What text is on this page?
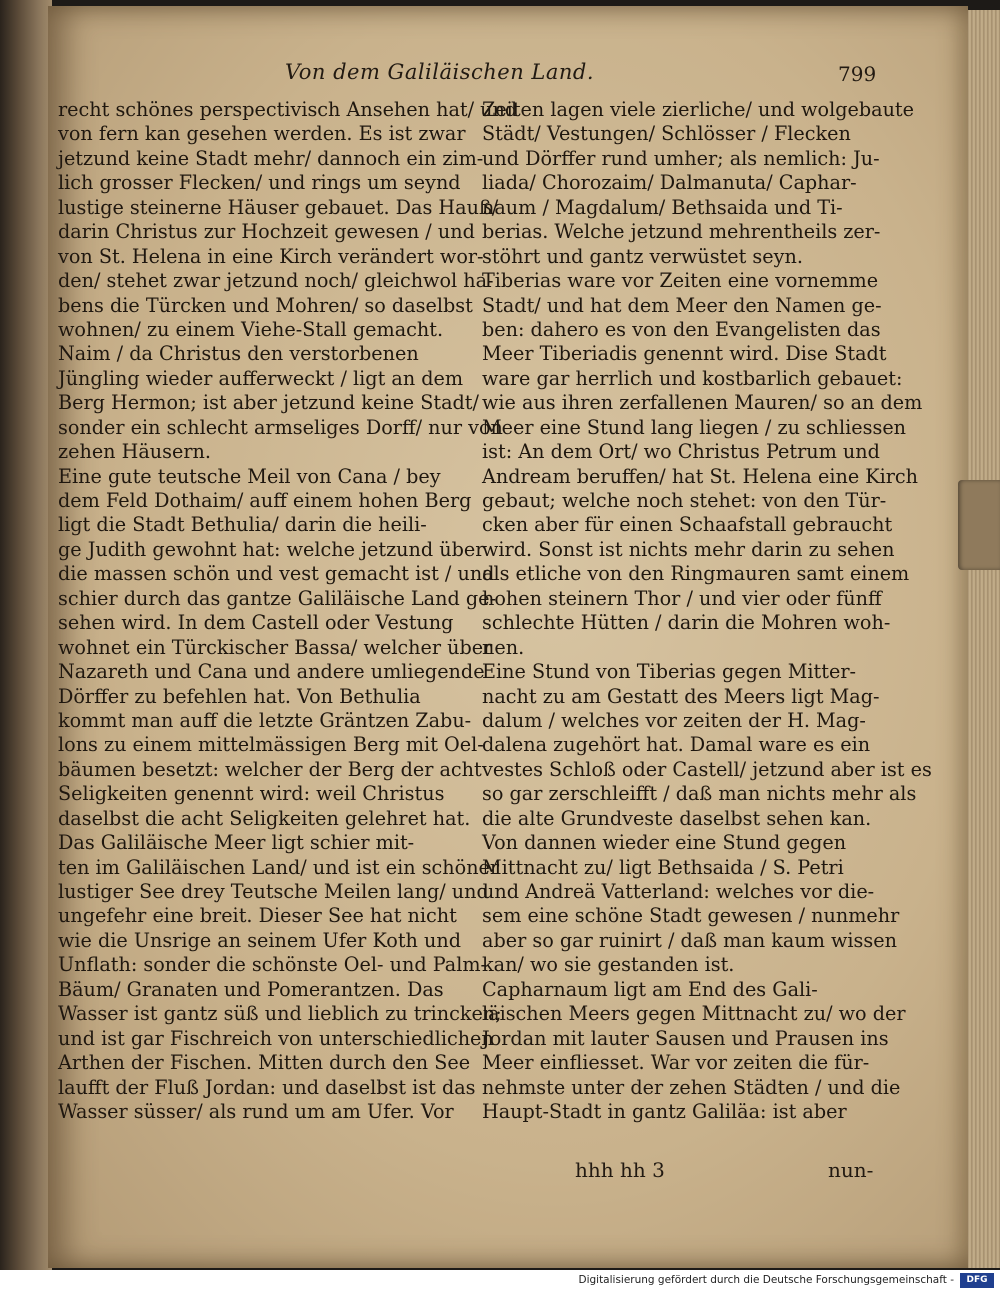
Von dem Galiläischen Land.	799
recht schönes perspectivisch Ansehen hat/ und
von fern kan gesehen werden. Es ist zwar
jetzund keine Stadt mehr/ dannoch ein zim-
lich grosser Flecken/ und rings um seynd
lustige steinerne Häuser gebauet. Das Hauß/
darin Christus zur Hochzeit gewesen / und
von St. Helena in eine Kirch verändert wor-
den/ stehet zwar jetzund noch/ gleichwol ha-
bens die Türcken und Mohren/ so daselbst
wohnen/ zu einem Viehe-Stall gemacht.
Naim / da Christus den verstorbenen
Jüngling wieder aufferweckt / ligt an dem
Berg Hermon; ist aber jetzund keine Stadt/
sonder ein schlecht armseliges Dorff/ nur von
zehen Häusern.
Eine gute teutsche Meil von Cana / bey
dem Feld Dothaim/ auff einem hohen Berg
ligt die Stadt Bethulia/ darin die heili-
ge Judith gewohnt hat: welche jetzund über
die massen schön und vest gemacht ist / und
schier durch das gantze Galiläische Land ge-
sehen wird. In dem Castell oder Vestung
wohnet ein Türckischer Bassa/ welcher über
Nazareth und Cana und andere umliegende
Dörffer zu befehlen hat. Von Bethulia
kommt man auff die letzte Gräntzen Zabu-
lons zu einem mittelmässigen Berg mit Oel-
bäumen besetzt: welcher der Berg der acht
Seligkeiten genennt wird: weil Christus
daselbst die acht Seligkeiten gelehret hat.
Das Galiläische Meer ligt schier mit-
ten im Galiläischen Land/ und ist ein schöner
lustiger See drey Teutsche Meilen lang/ und
ungefehr eine breit. Dieser See hat nicht
wie die Unsrige an seinem Ufer Koth und
Unflath: sonder die schönste Oel- und Palm-
Bäum/ Granaten und Pomerantzen. Das
Wasser ist gantz süß und lieblich zu trincken;
und ist gar Fischreich von unterschiedlichen
Arthen der Fischen. Mitten durch den See
laufft der Fluß Jordan: und daselbst ist das
Wasser süsser/ als rund um am Ufer. Vor
Zeiten lagen viele zierliche/ und wolgebaute
Städt/ Vestungen/ Schlösser / Flecken
und Dörffer rund umher; als nemlich: Ju-
liada/ Chorozaim/ Dalmanuta/ Caphar-
naum / Magdalum/ Bethsaida und Ti-
berias. Welche jetzund mehrentheils zer-
stöhrt und gantz verwüstet seyn.
Tiberias ware vor Zeiten eine vornemme
Stadt/ und hat dem Meer den Namen ge-
ben: dahero es von den Evangelisten das
Meer Tiberiadis genennt wird. Dise Stadt
ware gar herrlich und kostbarlich gebauet:
wie aus ihren zerfallenen Mauren/ so an dem
Meer eine Stund lang liegen / zu schliessen
ist: An dem Ort/ wo Christus Petrum und
Andream beruffen/ hat St. Helena eine Kirch
gebaut; welche noch stehet: von den Tür-
cken aber für einen Schaafstall gebraucht
wird. Sonst ist nichts mehr darin zu sehen
als etliche von den Ringmauren samt einem
hohen steinern Thor / und vier oder fünff
schlechte Hütten / darin die Mohren woh-
nen.
Eine Stund von Tiberias gegen Mitter-
nacht zu am Gestatt des Meers ligt Mag-
dalum / welches vor zeiten der H. Mag-
dalena zugehört hat. Damal ware es ein
vestes Schloß oder Castell/ jetzund aber ist es
so gar zerschleifft / daß man nichts mehr als
die alte Grundveste daselbst sehen kan.
Von dannen wieder eine Stund gegen
Mittnacht zu/ ligt Bethsaida / S. Petri
und Andreä Vatterland: welches vor die-
sem eine schöne Stadt gewesen / nunmehr
aber so gar ruinirt / daß man kaum wissen
kan/ wo sie gestanden ist.
Capharnaum ligt am End des Gali-
läischen Meers gegen Mittnacht zu/ wo der
Jordan mit lauter Sausen und Prausen ins
Meer einfliesset. War vor zeiten die für-
nehmste unter der zehen Städten / und die
Haupt-Stadt in gantz Galiläa: ist aber
hhh hh 3	nun-
Digitalisierung gefördert durch die Deutsche Forschungsgemeinschaft -	DFG
